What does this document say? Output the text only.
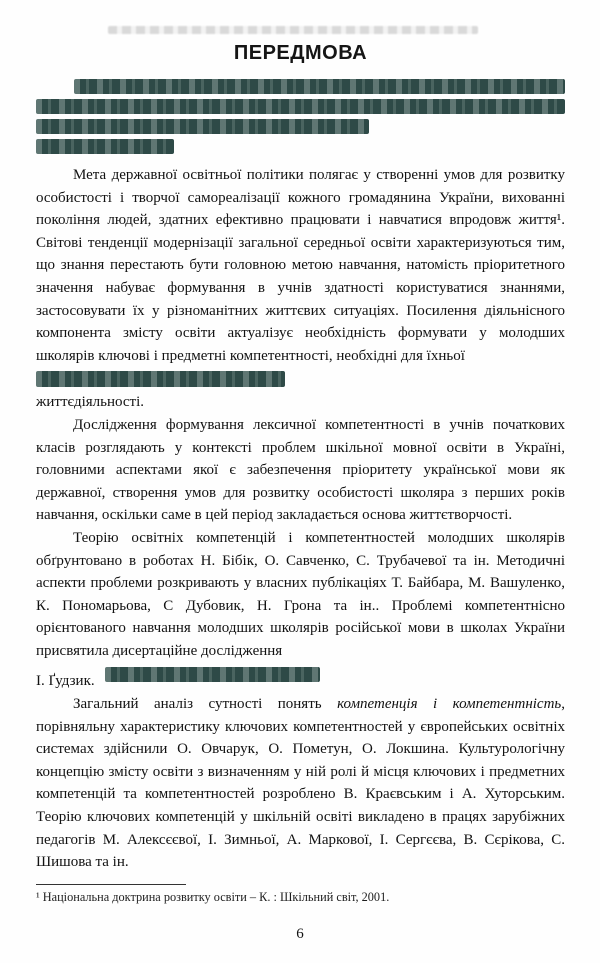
ПЕРЕДМОВА

Мета державної освітньої політики полягає у створенні умов для розвитку особистості і творчої самореалізації кожного громадянина України, вихованні покоління людей, здатних ефективно працювати і навчатися впродовж життя¹. Світові тенденції модернізації загальної середньої освіти характеризуються тим, що знання перестають бути головною метою навчання, натомість пріоритетного значення набуває формування в учнів здатності користуватися знаннями, застосовувати їх у різноманітних життєвих ситуаціях. Посилення діяльнісного компонента змісту освіти актуалізує необхідність формувати у молодших школярів ключові і предметні компетентності, необхідні для їхньої

життєдіяльності.

Дослідження формування лексичної компетентності в учнів початкових класів розглядають у контексті проблем шкільної мовної освіти в Україні, головними аспектами якої є забезпечення пріоритету української мови як державної, створення умов для розвитку особистості школяра з перших років навчання, оскільки саме в цей період закладається основа життєтворчості.

Теорію освітніх компетенцій і компетентностей молодших школярів обґрунтовано в роботах Н. Бібік, О. Савченко, С. Трубачевої та ін. Методичні аспекти проблеми розкривають у власних публікаціях Т. Байбара, М. Вашуленко, К. Пономарьова, С Дубовик, Н. Грона та ін.. Проблемі компетентнісно орієнтованого навчання молодших школярів російської мови в школах України присвятила дисертаційне дослідження

І. Ґудзик.

Загальний аналіз сутності понять компетенція і компетентність, порівняльну характеристику ключових компетентностей у європейських освітніх системах здійснили О. Овчарук, О. Пометун, О. Локшина. Культурологічну концепцію змісту освіти з визначенням у ній ролі й місця ключових і предметних компетенцій та компетентностей розроблено В. Краєвським і А. Хуторським. Теорію ключових компетенцій у шкільній освіті викладено в працях зарубіжних педагогів М. Алексєєвої, І. Зимньої, А. Маркової, І. Сергєєва, В. Сєрікова, С. Шишова та ін.

¹ Національна доктрина розвитку освіти – К. : Шкільний світ, 2001.

6
